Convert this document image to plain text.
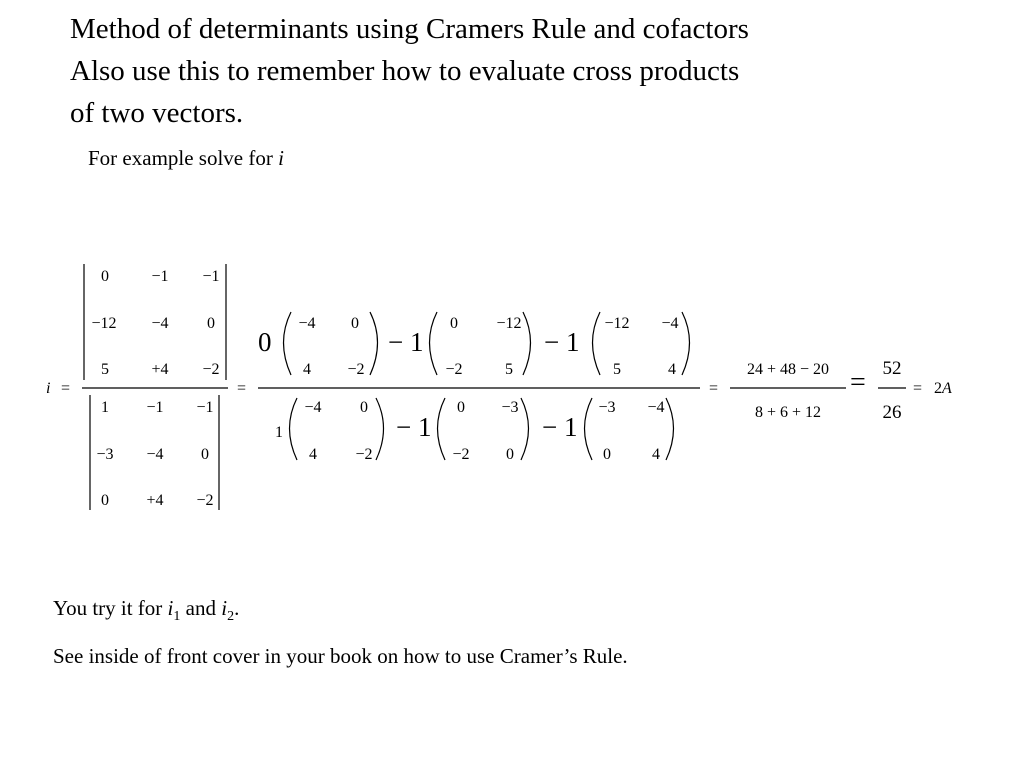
Method of determinants using Cramers Rule and cofactors
Also use this to remember how to evaluate cross products
of two vectors.
For example solve for i
i =
0	−1 −1
−12 −4 0
5	+4 −2
1 −1 −1
−3 −4 0
0 +4 −2
=
0
−4 0
4 −2
− 1
0 −12
−2	5
− 1
−12 −4
5	4
1
−4 0
4 −2
− 1
0 −3
−2 0
− 1
−3 −4
0	4
=
24 + 48 − 20
8 + 6 + 12
= 52
26
= 2A
You try it for $i_1$ and $i_2$.
See inside of front cover in your book on how to use Cramer’s Rule.
